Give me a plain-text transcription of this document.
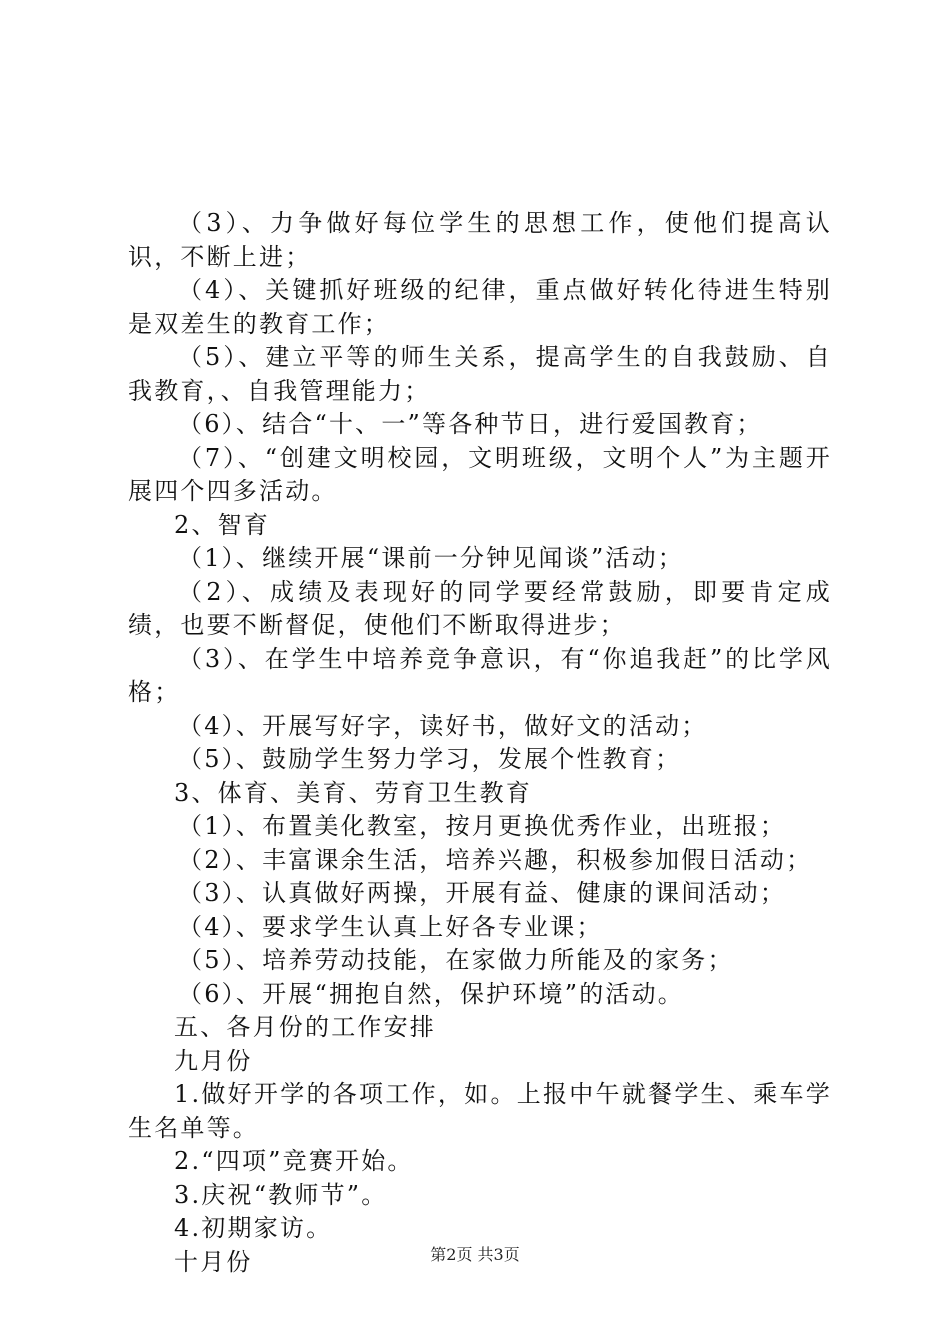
（3）、力争做好每位学生的思想工作，使他们提高认识，不断上进；

（4）、关键抓好班级的纪律，重点做好转化待进生特别是双差生的教育工作；

（5）、建立平等的师生关系，提高学生的自我鼓励、自我教育，、自我管理能力；

（6）、结合“十、一”等各种节日，进行爱国教育；

（7）、“创建文明校园，文明班级，文明个人”为主题开展四个四多活动。

2、智育

（1）、继续开展“课前一分钟见闻谈”活动；

（2）、成绩及表现好的同学要经常鼓励，即要肯定成绩，也要不断督促，使他们不断取得进步；

（3）、在学生中培养竞争意识，有“你追我赶”的比学风格；

（4）、开展写好字，读好书，做好文的活动；

（5）、鼓励学生努力学习，发展个性教育；

3、体育、美育、劳育卫生教育

（1）、布置美化教室，按月更换优秀作业，出班报；

（2）、丰富课余生活，培养兴趣，积极参加假日活动；

（3）、认真做好两操，开展有益、健康的课间活动；

（4）、要求学生认真上好各专业课；

（5）、培养劳动技能，在家做力所能及的家务；

（6）、开展“拥抱自然，保护环境”的活动。

五、各月份的工作安排

九月份

1.做好开学的各项工作，如。上报中午就餐学生、乘车学生名单等。

2.“四项”竞赛开始。

3.庆祝“教师节”。

4.初期家访。

十月份	第2页 共3页
